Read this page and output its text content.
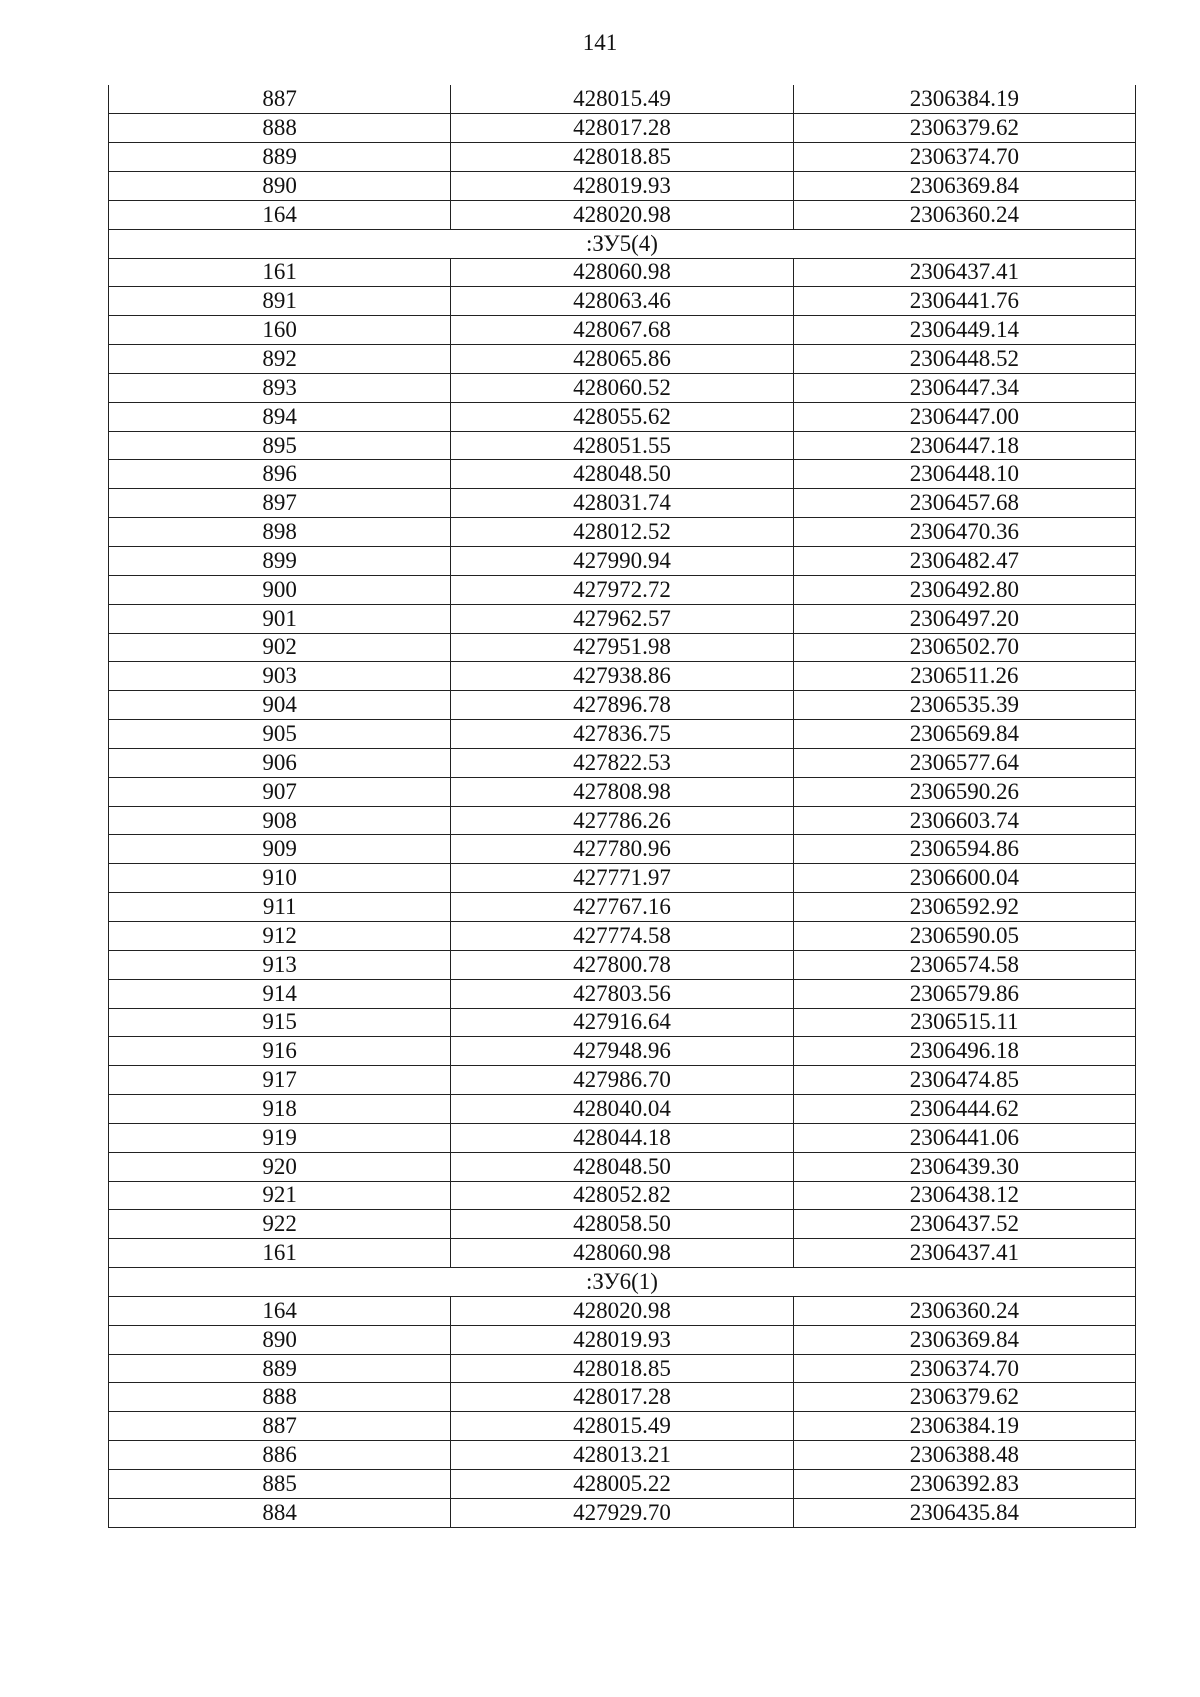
141
887	428015.49	2306384.19
888	428017.28	2306379.62
889	428018.85	2306374.70
890	428019.93	2306369.84
164	428020.98	2306360.24
:ЗУ5(4)		
161	428060.98	2306437.41
891	428063.46	2306441.76
160	428067.68	2306449.14
892	428065.86	2306448.52
893	428060.52	2306447.34
894	428055.62	2306447.00
895	428051.55	2306447.18
896	428048.50	2306448.10
897	428031.74	2306457.68
898	428012.52	2306470.36
899	427990.94	2306482.47
900	427972.72	2306492.80
901	427962.57	2306497.20
902	427951.98	2306502.70
903	427938.86	2306511.26
904	427896.78	2306535.39
905	427836.75	2306569.84
906	427822.53	2306577.64
907	427808.98	2306590.26
908	427786.26	2306603.74
909	427780.96	2306594.86
910	427771.97	2306600.04
911	427767.16	2306592.92
912	427774.58	2306590.05
913	427800.78	2306574.58
914	427803.56	2306579.86
915	427916.64	2306515.11
916	427948.96	2306496.18
917	427986.70	2306474.85
918	428040.04	2306444.62
919	428044.18	2306441.06
920	428048.50	2306439.30
921	428052.82	2306438.12
922	428058.50	2306437.52
161	428060.98	2306437.41
:ЗУ6(1)		
164	428020.98	2306360.24
890	428019.93	2306369.84
889	428018.85	2306374.70
888	428017.28	2306379.62
887	428015.49	2306384.19
886	428013.21	2306388.48
885	428005.22	2306392.83
884	427929.70	2306435.84
